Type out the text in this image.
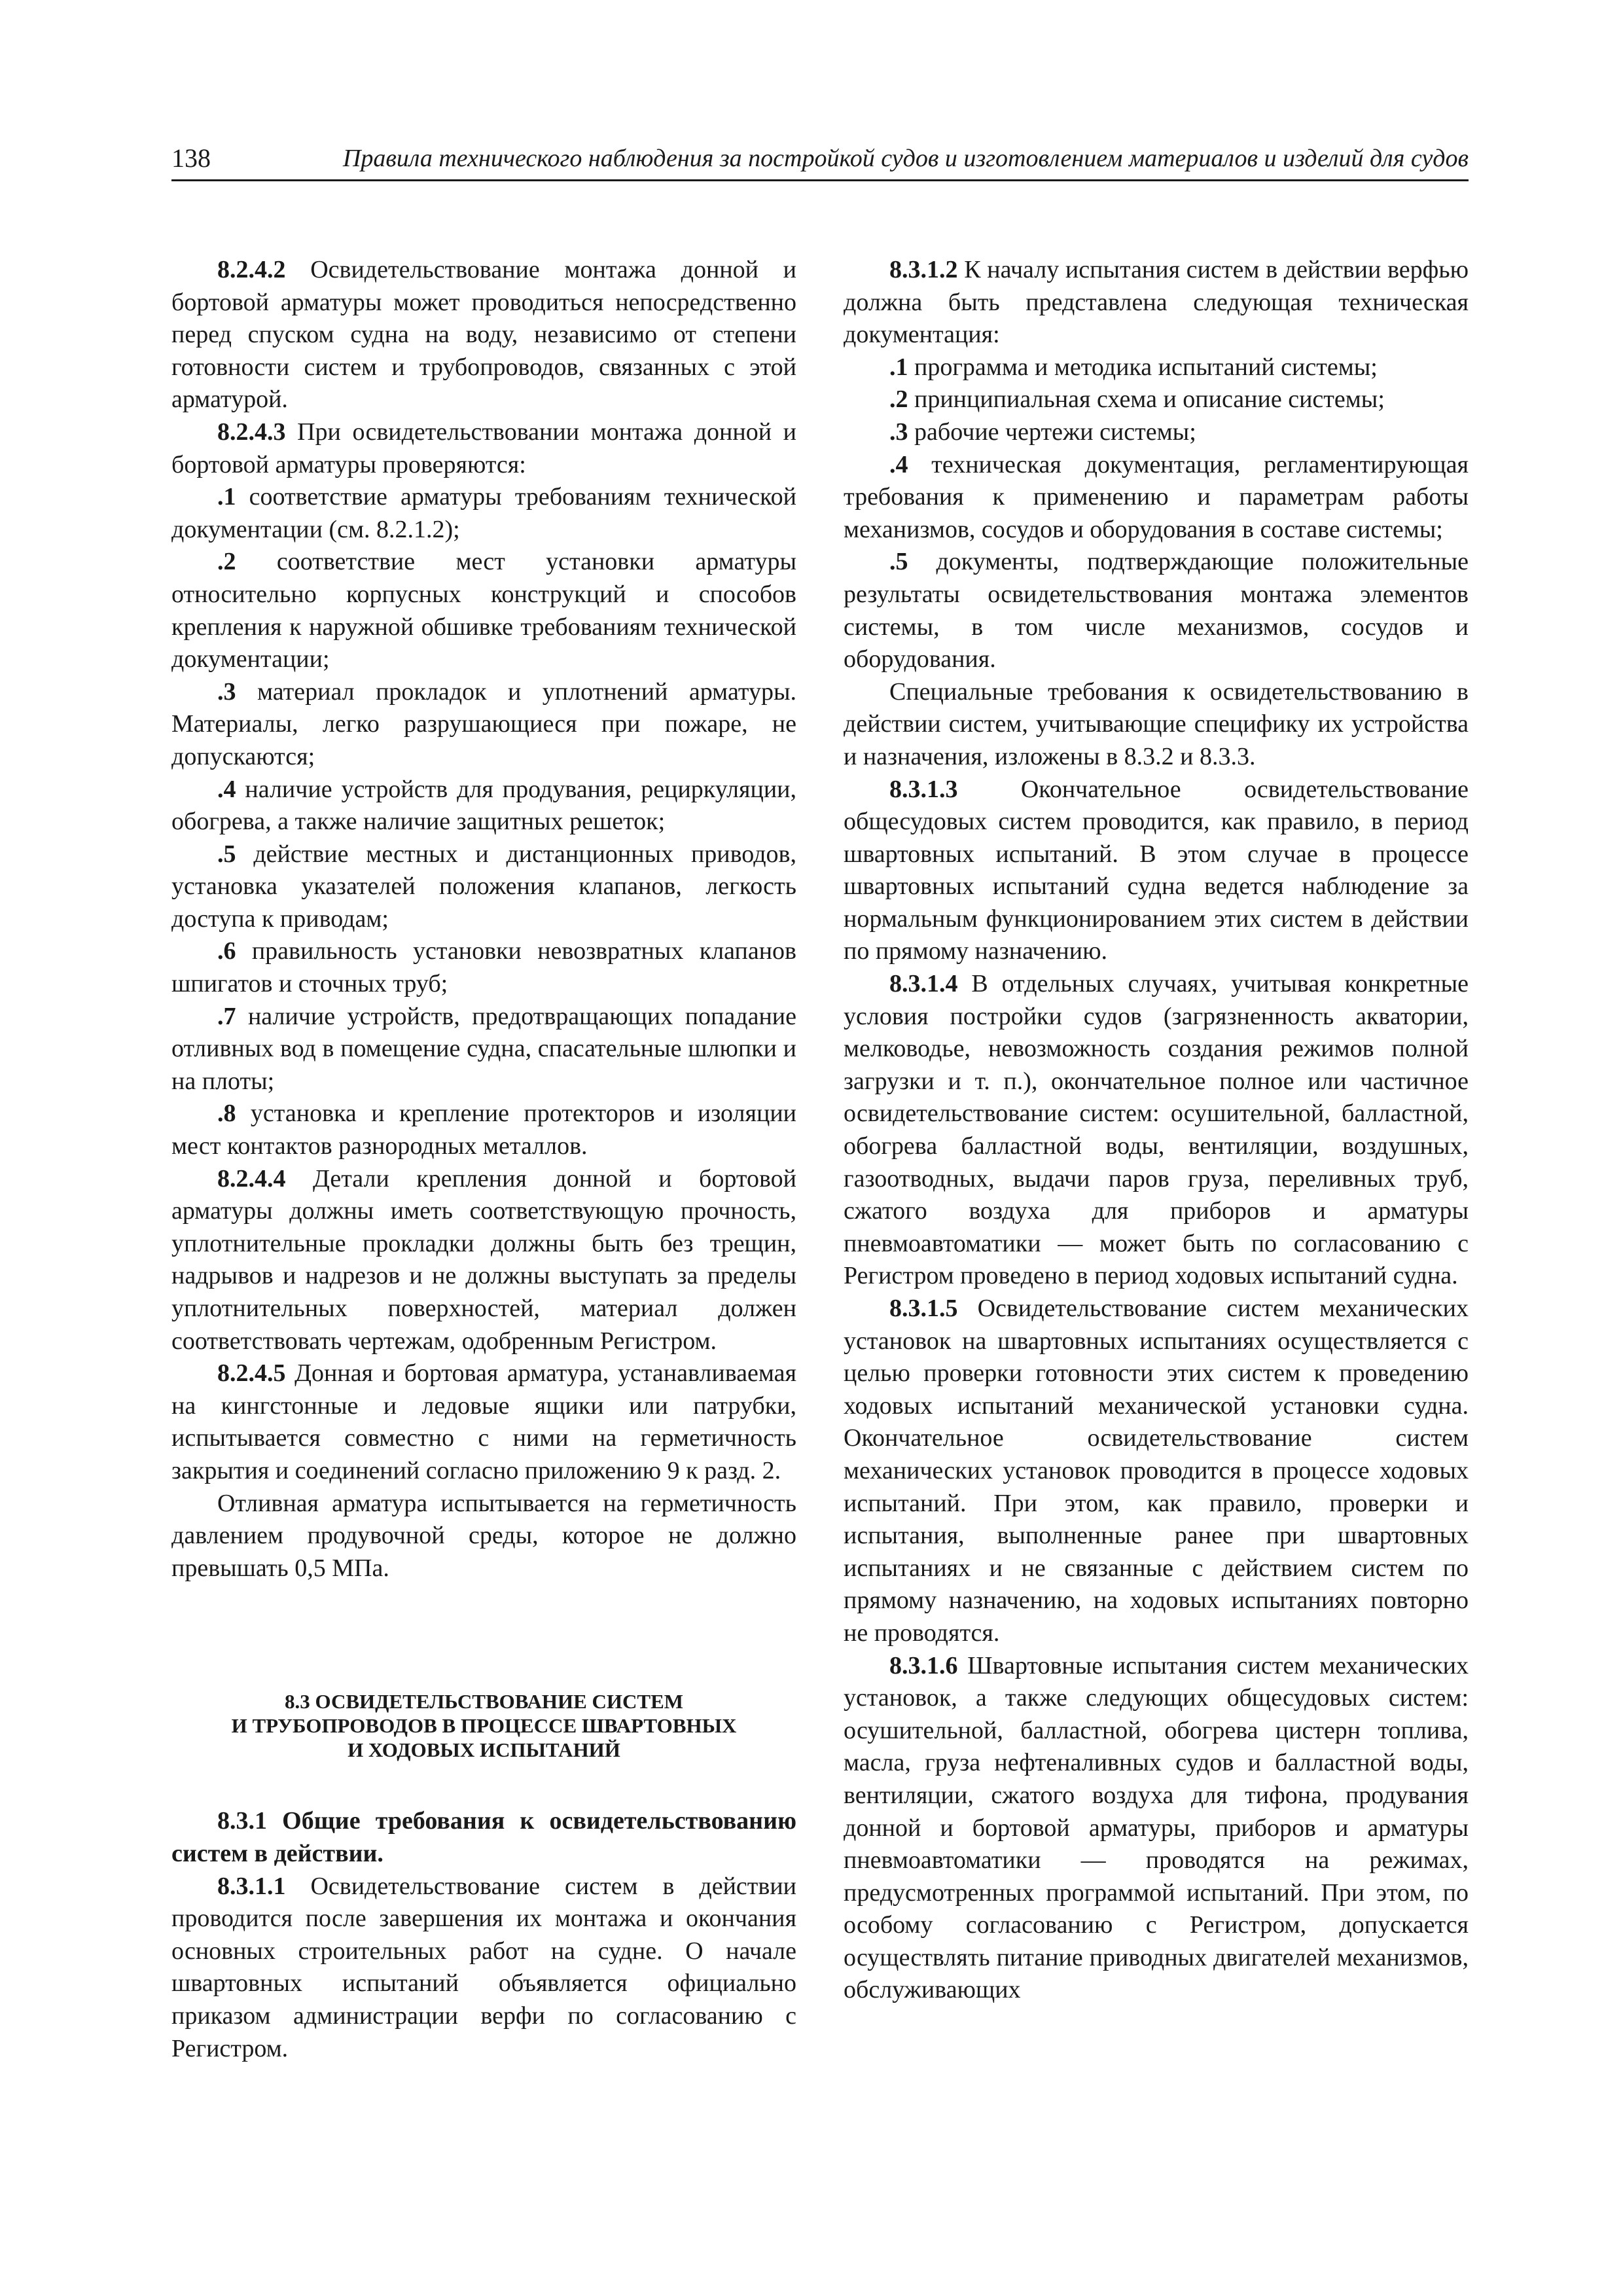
138	Правила технического наблюдения за постройкой судов и изготовлением материалов и изделий для судов

8.2.4.2 Освидетельствование монтажа донной и бортовой арматуры может проводиться непосредственно перед спуском судна на воду, независимо от степени готовности систем и трубопроводов, связанных с этой арматурой.

8.2.4.3 При освидетельствовании монтажа донной и бортовой арматуры проверяются:

.1 соответствие арматуры требованиям технической документации (см. 8.2.1.2);

.2 соответствие мест установки арматуры относительно корпусных конструкций и способов крепления к наружной обшивке требованиям технической документации;

.3 материал прокладок и уплотнений арматуры. Материалы, легко разрушающиеся при пожаре, не допускаются;

.4 наличие устройств для продувания, рециркуляции, обогрева, а также наличие защитных решеток;

.5 действие местных и дистанционных приводов, установка указателей положения клапанов, легкость доступа к приводам;

.6 правильность установки невозвратных клапанов шпигатов и сточных труб;

.7 наличие устройств, предотвращающих попадание отливных вод в помещение судна, спасательные шлюпки и на плоты;

.8 установка и крепление протекторов и изоляции мест контактов разнородных металлов.

8.2.4.4 Детали крепления донной и бортовой арматуры должны иметь соответствующую прочность, уплотнительные прокладки должны быть без трещин, надрывов и надрезов и не должны выступать за пределы уплотнительных поверхностей, материал должен соответствовать чертежам, одобренным Регистром.

8.2.4.5 Донная и бортовая арматура, устанавливаемая на кингстонные и ледовые ящики или патрубки, испытывается совместно с ними на герметичность закрытия и соединений согласно приложению 9 к разд. 2.

Отливная арматура испытывается на герметичность давлением продувочной среды, которое не должно превышать 0,5 МПа.

8.3 ОСВИДЕТЕЛЬСТВОВАНИЕ СИСТЕМ
И ТРУБОПРОВОДОВ В ПРОЦЕССЕ ШВАРТОВНЫХ
И ХОДОВЫХ ИСПЫТАНИЙ

8.3.1 Общие требования к освидетельствованию систем в действии.

8.3.1.1 Освидетельствование систем в действии проводится после завершения их монтажа и окончания основных строительных работ на судне. О начале швартовных испытаний объявляется официально приказом администрации верфи по согласованию с Регистром.

8.3.1.2 К началу испытания систем в действии верфью должна быть представлена следующая техническая документация:

.1 программа и методика испытаний системы;

.2 принципиальная схема и описание системы;

.3 рабочие чертежи системы;

.4 техническая документация, регламентирующая требования к применению и параметрам работы механизмов, сосудов и оборудования в составе системы;

.5 документы, подтверждающие положительные результаты освидетельствования монтажа элементов системы, в том числе механизмов, сосудов и оборудования.

Специальные требования к освидетельствованию в действии систем, учитывающие специфику их устройства и назначения, изложены в 8.3.2 и 8.3.3.

8.3.1.3 Окончательное освидетельствование общесудовых систем проводится, как правило, в период швартовных испытаний. В этом случае в процессе швартовных испытаний судна ведется наблюдение за нормальным функционированием этих систем в действии по прямому назначению.

8.3.1.4 В отдельных случаях, учитывая конкретные условия постройки судов (загрязненность акватории, мелководье, невозможность создания режимов полной загрузки и т. п.), окончательное полное или частичное освидетельствование систем: осушительной, балластной, обогрева балластной воды, вентиляции, воздушных, газоотводных, выдачи паров груза, переливных труб, сжатого воздуха для приборов и арматуры пневмоавтоматики — может быть по согласованию с Регистром проведено в период ходовых испытаний судна.

8.3.1.5 Освидетельствование систем механических установок на швартовных испытаниях осуществляется с целью проверки готовности этих систем к проведению ходовых испытаний механической установки судна. Окончательное освидетельствование систем механических установок проводится в процессе ходовых испытаний. При этом, как правило, проверки и испытания, выполненные ранее при швартовных испытаниях и не связанные с действием систем по прямому назначению, на ходовых испытаниях повторно не проводятся.

8.3.1.6 Швартовные испытания систем механических установок, а также следующих общесудовых систем: осушительной, балластной, обогрева цистерн топлива, масла, груза нефтеналивных судов и балластной воды, вентиляции, сжатого воздуха для тифона, продувания донной и бортовой арматуры, приборов и арматуры пневмоавтоматики — проводятся на режимах, предусмотренных программой испытаний. При этом, по особому согласованию с Регистром, допускается осуществлять питание приводных двигателей механизмов, обслуживающих
